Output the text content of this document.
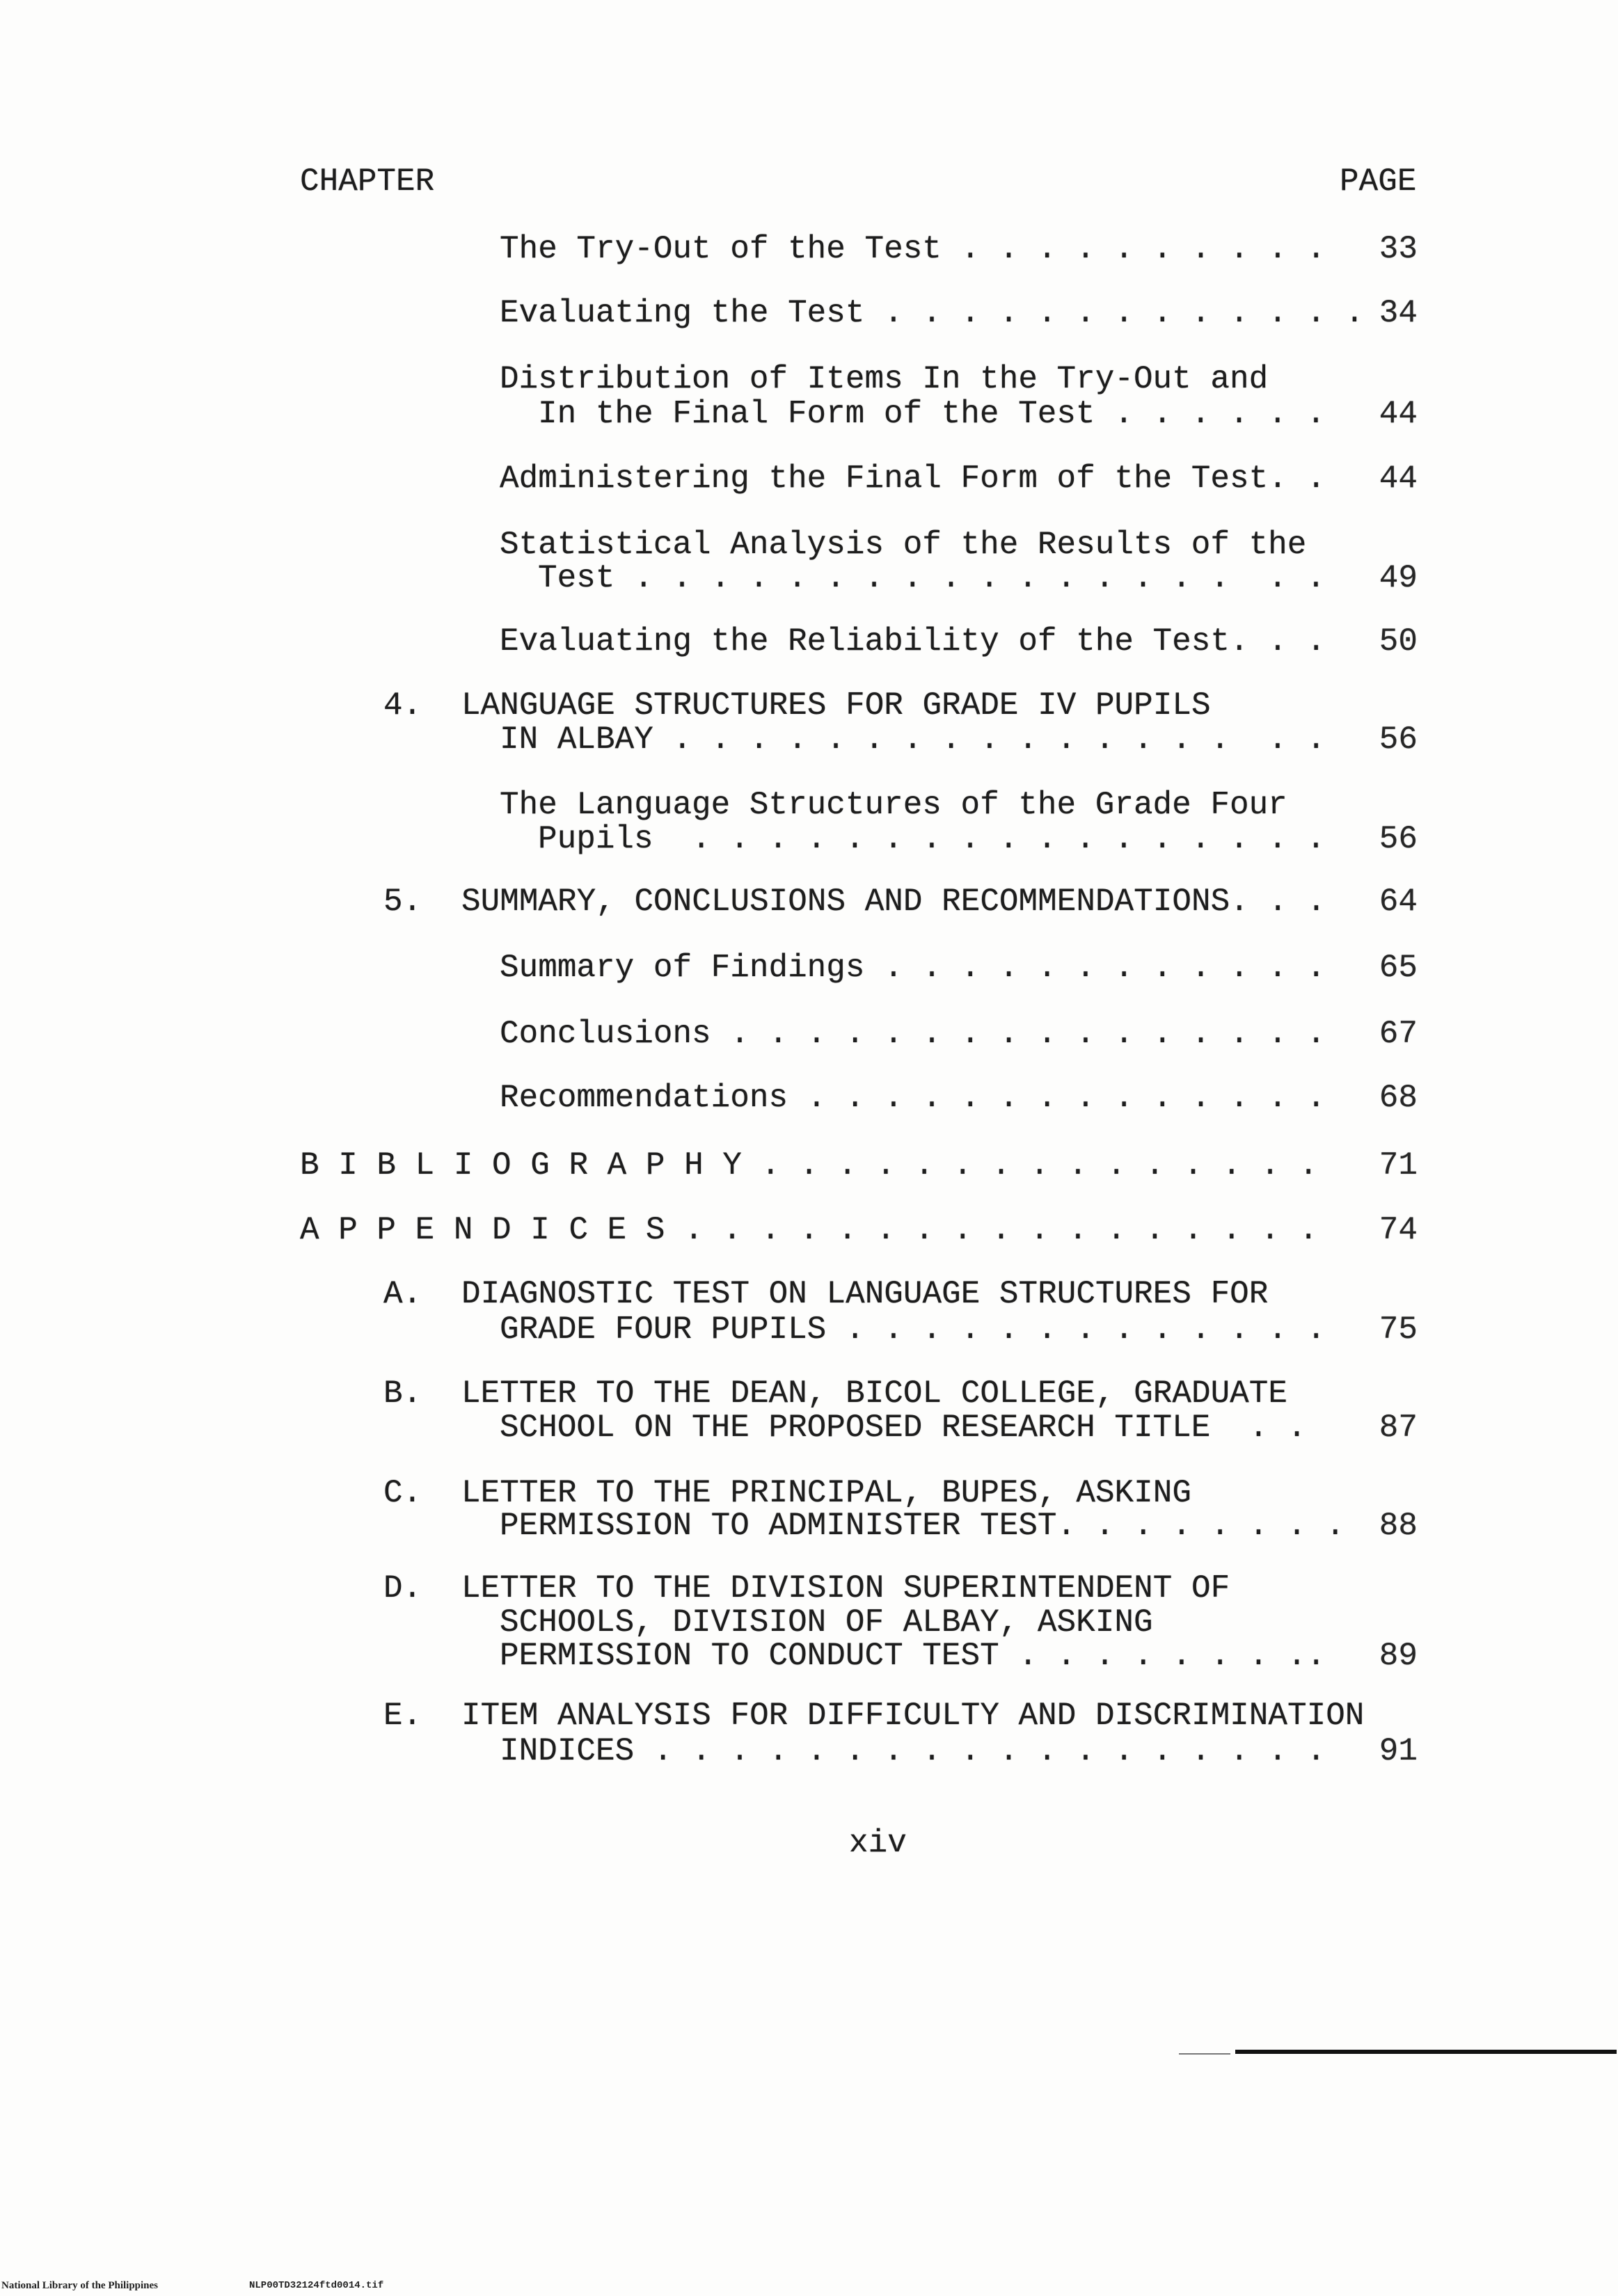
CHAPTER	PAGE
The Try-Out of the Test . . . . . . . . . . 33
Evaluating the Test . . . . . . . . . . . . . 34
Distribution of Items In the Try-Out and
In the Final Form of the Test . . . . . . 44
Administering the Final Form of the Test. . 44
Statistical Analysis of the Results of the
Test . . . . . . . . . . . . . . . .  . . 49
Evaluating the Reliability of the Test. . . 50
4. LANGUAGE STRUCTURES FOR GRADE IV PUPILS
IN ALBAY . . . . . . . . . . . . . . .  . . 56
The Language Structures of the Grade Four
Pupils  . . . . . . . . . . . . . . . . . 56
5. SUMMARY, CONCLUSIONS AND RECOMMENDATIONS. . . 64
Summary of Findings . . . . . . . . . . . . 65
Conclusions . . . . . . . . . . . . . . . . 67
Recommendations . . . . . . . . . . . . . . 68
B I B L I O G R A P H Y . . . . . . . . . . . . . . . 71
A P P E N D I C E S . . . . . . . . . . . . . . . . . 74
A. DIAGNOSTIC TEST ON LANGUAGE STRUCTURES FOR
GRADE FOUR PUPILS . . . . . . . . . . . . . 75
B. LETTER TO THE DEAN, BICOL COLLEGE, GRADUATE
SCHOOL ON THE PROPOSED RESEARCH TITLE  . . 87
C. LETTER TO THE PRINCIPAL, BUPES, ASKING
PERMISSION TO ADMINISTER TEST. . . . . . . . 88
D. LETTER TO THE DIVISION SUPERINTENDENT OF
SCHOOLS, DIVISION OF ALBAY, ASKING
PERMISSION TO CONDUCT TEST . . . . . . . .. 89
E. ITEM ANALYSIS FOR DIFFICULTY AND DISCRIMINATION
INDICES . . . . . . . . . . . . . . . . . . 91
xiv
National Library of the Philippines	NLP00TD32124ftd0014.tif
